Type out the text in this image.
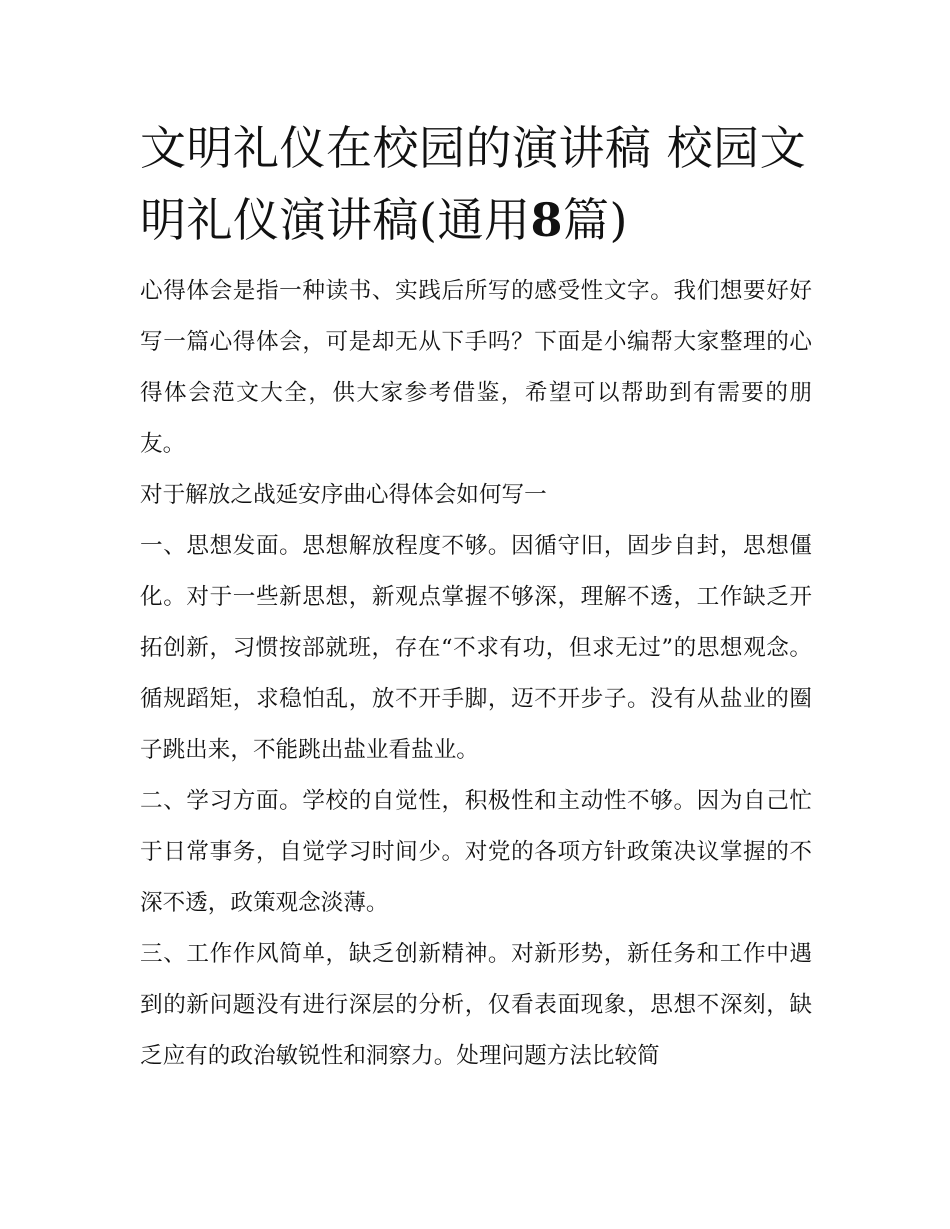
文明礼仪在校园的演讲稿 校园文明礼仪演讲稿(通用8篇)

心得体会是指一种读书、实践后所写的感受性文字。我们想要好好写一篇心得体会，可是却无从下手吗？下面是小编帮大家整理的心得体会范文大全，供大家参考借鉴，希望可以帮助到有需要的朋友。

对于解放之战延安序曲心得体会如何写一

一、思想发面。思想解放程度不够。因循守旧，固步自封，思想僵化。对于一些新思想，新观点掌握不够深，理解不透，工作缺乏开拓创新，习惯按部就班，存在“不求有功，但求无过”的思想观念。循规蹈矩，求稳怕乱，放不开手脚，迈不开步子。没有从盐业的圈子跳出来，不能跳出盐业看盐业。

二、学习方面。学校的自觉性，积极性和主动性不够。因为自己忙于日常事务，自觉学习时间少。对党的各项方针政策决议掌握的不深不透，政策观念淡薄。

三、工作作风简单，缺乏创新精神。对新形势，新任务和工作中遇到的新问题没有进行深层的分析，仅看表面现象，思想不深刻，缺乏应有的政治敏锐性和洞察力。处理问题方法比较简
